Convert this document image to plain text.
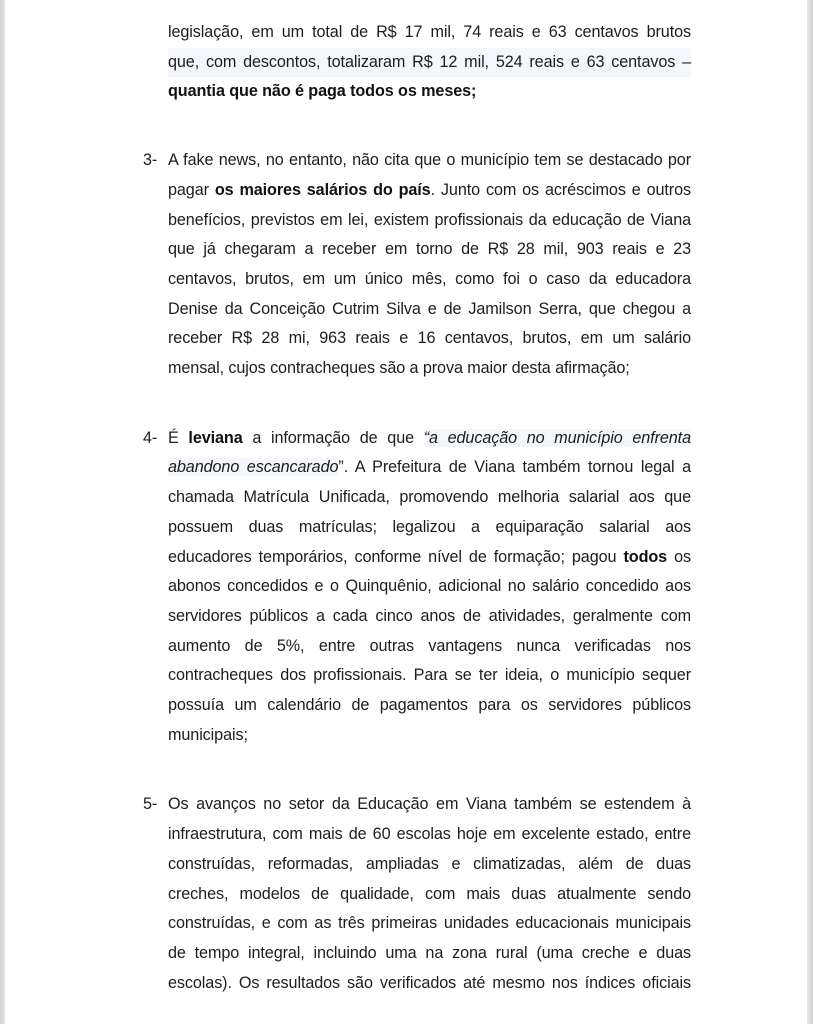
legislação, em um total de R$ 17 mil, 74 reais e 63 centavos brutos
que, com descontos, totalizaram R$ 12 mil, 524 reais e 63 centavos –
quantia que não é paga todos os meses;
3- A fake news, no entanto, não cita que o município tem se destacado por
pagar os maiores salários do país. Junto com os acréscimos e outros
benefícios, previstos em lei, existem profissionais da educação de Viana
que já chegaram a receber em torno de R$ 28 mil, 903 reais e 23
centavos, brutos, em um único mês, como foi o caso da educadora
Denise da Conceição Cutrim Silva e de Jamilson Serra, que chegou a
receber R$ 28 mi, 963 reais e 16 centavos, brutos, em um salário
mensal, cujos contracheques são a prova maior desta afirmação;
4- É leviana a informação de que “a educação no município enfrenta
abandono escancarado”. A Prefeitura de Viana também tornou legal a
chamada Matrícula Unificada, promovendo melhoria salarial aos que
possuem duas matrículas; legalizou a equiparação salarial aos
educadores temporários, conforme nível de formação; pagou todos os
abonos concedidos e o Quinquênio, adicional no salário concedido aos
servidores públicos a cada cinco anos de atividades, geralmente com
aumento de 5%, entre outras vantagens nunca verificadas nos
contracheques dos profissionais. Para se ter ideia, o município sequer
possuía um calendário de pagamentos para os servidores públicos
municipais;
5- Os avanços no setor da Educação em Viana também se estendem à
infraestrutura, com mais de 60 escolas hoje em excelente estado, entre
construídas, reformadas, ampliadas e climatizadas, além de duas
creches, modelos de qualidade, com mais duas atualmente sendo
construídas, e com as três primeiras unidades educacionais municipais
de tempo integral, incluindo uma na zona rural (uma creche e duas
escolas). Os resultados são verificados até mesmo nos índices oficiais
